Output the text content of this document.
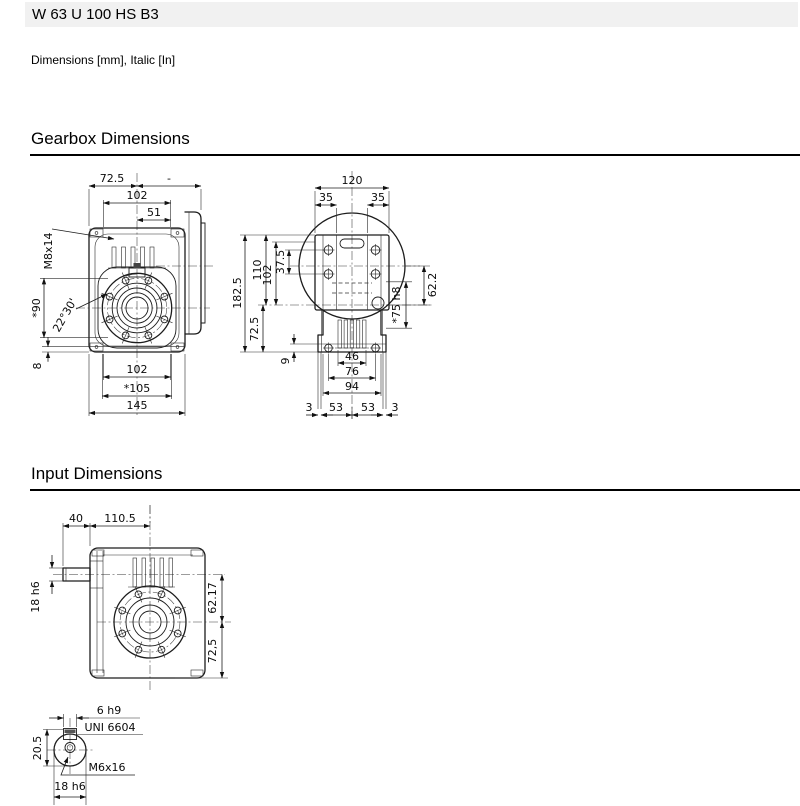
W 63 U 100 HS B3
Dimensions [mm], Italic [In]
Gearbox Dimensions
72.5	-
102
51
M8x14
*90 22°30'
8	102
*105
145
120
35	35
182.5
110
72.5
102
37.5
9
62.2
*75 h8
46
76
94
3 53 53 3
Input Dimensions
40 110.5
18 h6	62.17
72,5
6 h9
UNI 6604
20.5
M6x16
18 h6
